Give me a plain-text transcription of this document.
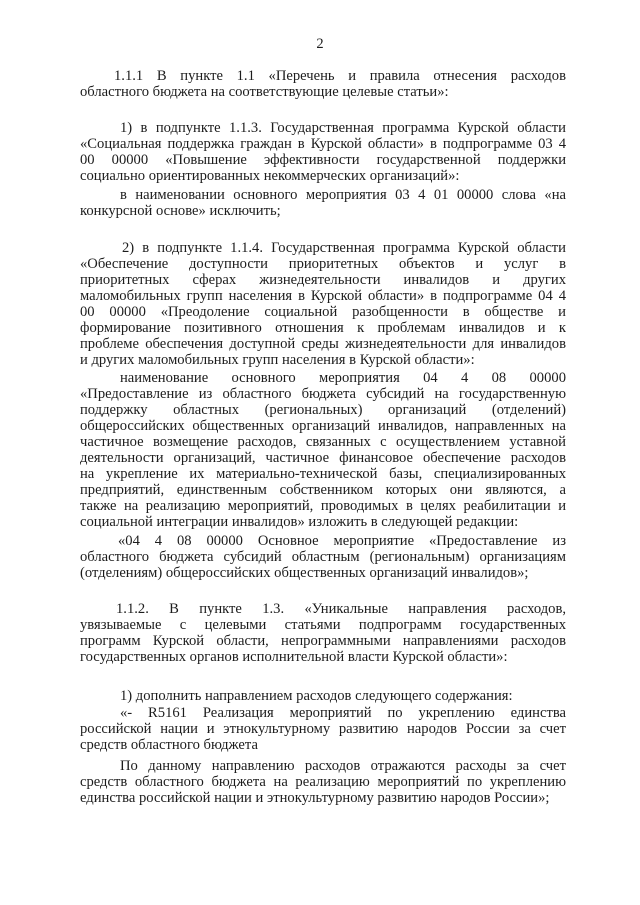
2
1.1.1 В пункте 1.1 «Перечень и правила отнесения расходов
областного бюджета на соответствующие целевые статьи»:
1) в подпункте 1.1.3. Государственная программа Курской области
«Социальная поддержка граждан в Курской области» в подпрограмме 03 4
00 00000 «Повышение эффективности государственной поддержки
социально ориентированных некоммерческих организаций»:
в наименовании основного мероприятия 03 4 01 00000 слова «на
конкурсной основе» исключить;
2) в подпункте 1.1.4. Государственная программа Курской области
«Обеспечение доступности приоритетных объектов и услуг в
приоритетных сферах жизнедеятельности инвалидов и других
маломобильных групп населения в Курской области» в подпрограмме 04 4
00 00000 «Преодоление социальной разобщенности в обществе и
формирование позитивного отношения к проблемам инвалидов и к
проблеме обеспечения доступной среды жизнедеятельности для инвалидов
и других маломобильных групп населения в Курской области»:
наименование основного мероприятия 04 4 08 00000
«Предоставление из областного бюджета субсидий на государственную
поддержку областных (региональных) организаций (отделений)
общероссийских общественных организаций инвалидов, направленных на
частичное возмещение расходов, связанных с осуществлением уставной
деятельности организаций, частичное финансовое обеспечение расходов
на укрепление их материально-технической базы, специализированных
предприятий, единственным собственником которых они являются, а
также на реализацию мероприятий, проводимых в целях реабилитации и
социальной интеграции инвалидов» изложить в следующей редакции:
«04 4 08 00000 Основное мероприятие «Предоставление из
областного бюджета субсидий областным (региональным) организациям
(отделениям) общероссийских общественных организаций инвалидов»;
1.1.2. В пункте 1.3. «Уникальные направления расходов,
увязываемые с целевыми статьями подпрограмм государственных
программ Курской области, непрограммными направлениями расходов
государственных органов исполнительной власти Курской области»:
1) дополнить направлением расходов следующего содержания:
«- R5161 Реализация мероприятий по укреплению единства
российской нации и этнокультурному развитию народов России за счет
средств областного бюджета
По данному направлению расходов отражаются расходы за счет
средств областного бюджета на реализацию мероприятий по укреплению
единства российской нации и этнокультурному развитию народов России»;
